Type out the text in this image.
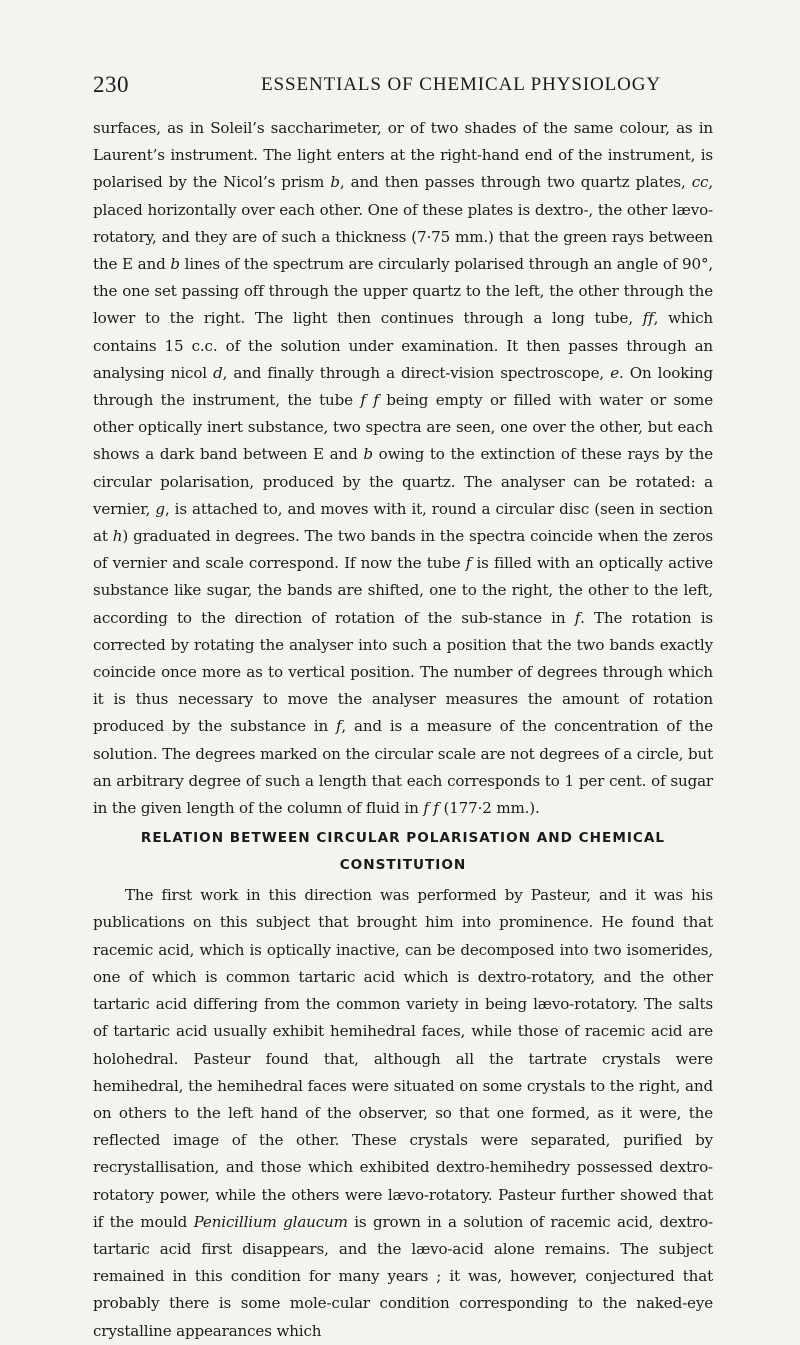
230	ESSENTIALS OF CHEMICAL PHYSIOLOGY

surfaces, as in Soleil’s saccharimeter, or of two shades of the same colour, as in Laurent’s instrument. The light enters at the right-hand end of the instrument, is polarised by the Nicol’s prism b, and then passes through two quartz plates, cc, placed horizontally over each other. One of these plates is dextro-, the other lævo-rotatory, and they are of such a thickness (7·75 mm.) that the green rays between the E and b lines of the spectrum are circularly polarised through an angle of 90°, the one set passing off through the upper quartz to the left, the other through the lower to the right. The light then continues through a long tube, ff, which contains 15 c.c. of the solution under examination. It then passes through an analysing nicol d, and finally through a direct-vision spectroscope, e. On looking through the instrument, the tube f f being empty or filled with water or some other optically inert substance, two spectra are seen, one over the other, but each shows a dark band between E and b owing to the extinction of these rays by the circular polarisation, produced by the quartz. The analyser can be rotated: a vernier, g, is attached to, and moves with it, round a circular disc (seen in section at h) graduated in degrees. The two bands in the spectra coincide when the zeros of vernier and scale correspond. If now the tube f is filled with an optically active substance like sugar, the bands are shifted, one to the right, the other to the left, according to the direction of rotation of the sub-stance in f. The rotation is corrected by rotating the analyser into such a position that the two bands exactly coincide once more as to vertical position. The number of degrees through which it is thus necessary to move the analyser measures the amount of rotation produced by the substance in f, and is a measure of the concentration of the solution. The degrees marked on the circular scale are not degrees of a circle, but an arbitrary degree of such a length that each corresponds to 1 per cent. of sugar in the given length of the column of fluid in f f (177·2 mm.).

RELATION BETWEEN CIRCULAR POLARISATION AND CHEMICAL
CONSTITUTION

The first work in this direction was performed by Pasteur, and it was his publications on this subject that brought him into prominence. He found that racemic acid, which is optically inactive, can be decomposed into two isomerides, one of which is common tartaric acid which is dextro-rotatory, and the other tartaric acid differing from the common variety in being lævo-rotatory. The salts of tartaric acid usually exhibit hemihedral faces, while those of racemic acid are holohedral. Pasteur found that, although all the tartrate crystals were hemihedral, the hemihedral faces were situated on some crystals to the right, and on others to the left hand of the observer, so that one formed, as it were, the reflected image of the other. These crystals were separated, purified by recrystallisation, and those which exhibited dextro-hemihedry possessed dextro-rotatory power, while the others were lævo-rotatory. Pasteur further showed that if the mould Penicillium glaucum is grown in a solution of racemic acid, dextro-tartaric acid first disappears, and the lævo-acid alone remains. The subject remained in this condition for many years ; it was, however, conjectured that probably there is some mole-cular condition corresponding to the naked-eye crystalline appearances which
